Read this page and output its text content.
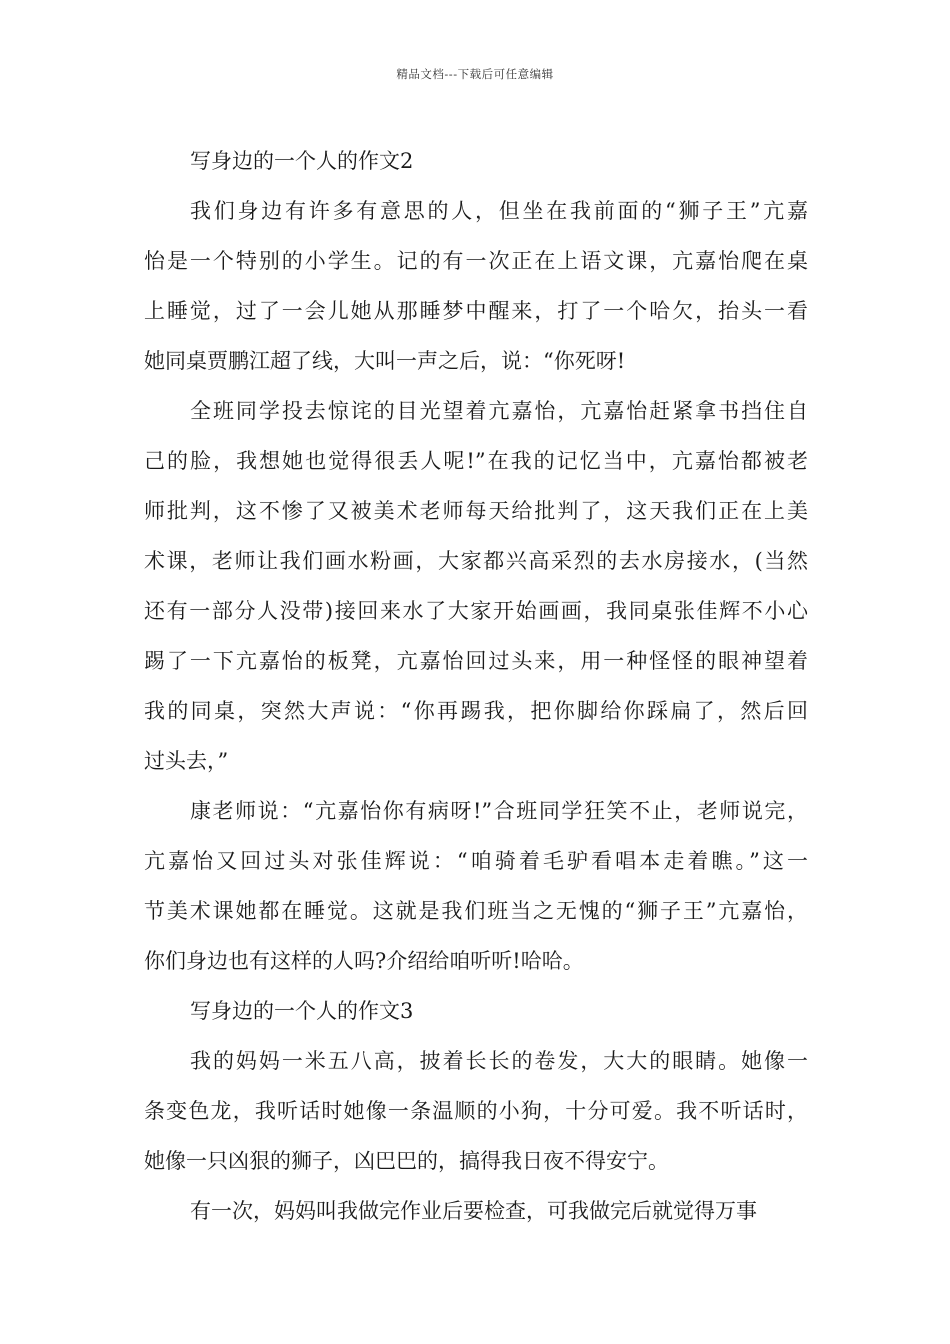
精品文档---下载后可任意编辑
写身边的一个人的作文2
我们身边有许多有意思的人，但坐在我前面的“狮子王”亢嘉
怡是一个特别的小学生。记的有一次正在上语文课，亢嘉怡爬在桌
上睡觉，过了一会儿她从那睡梦中醒来，打了一个哈欠，抬头一看
她同桌贾鹏江超了线，大叫一声之后，说：“你死呀!
全班同学投去惊诧的目光望着亢嘉怡，亢嘉怡赶紧拿书挡住自
己的脸，我想她也觉得很丢人呢!”在我的记忆当中，亢嘉怡都被老
师批判，这不惨了又被美术老师每天给批判了，这天我们正在上美
术课，老师让我们画水粉画，大家都兴高采烈的去水房接水，(当然
还有一部分人没带)接回来水了大家开始画画，我同桌张佳辉不小心
踢了一下亢嘉怡的板凳，亢嘉怡回过头来，用一种怪怪的眼神望着
我的同桌，突然大声说：“你再踢我，把你脚给你踩扁了，然后回
过头去，”
康老师说：“亢嘉怡你有病呀!”合班同学狂笑不止，老师说完，
亢嘉怡又回过头对张佳辉说：“咱骑着毛驴看唱本走着瞧。”这一
节美术课她都在睡觉。这就是我们班当之无愧的“狮子王”亢嘉怡，
你们身边也有这样的人吗?介绍给咱听听!哈哈。
写身边的一个人的作文3
我的妈妈一米五八高，披着长长的卷发，大大的眼睛。她像一
条变色龙，我听话时她像一条温顺的小狗，十分可爱。我不听话时，
她像一只凶狠的狮子，凶巴巴的，搞得我日夜不得安宁。
有一次，妈妈叫我做完作业后要检查，可我做完后就觉得万事
